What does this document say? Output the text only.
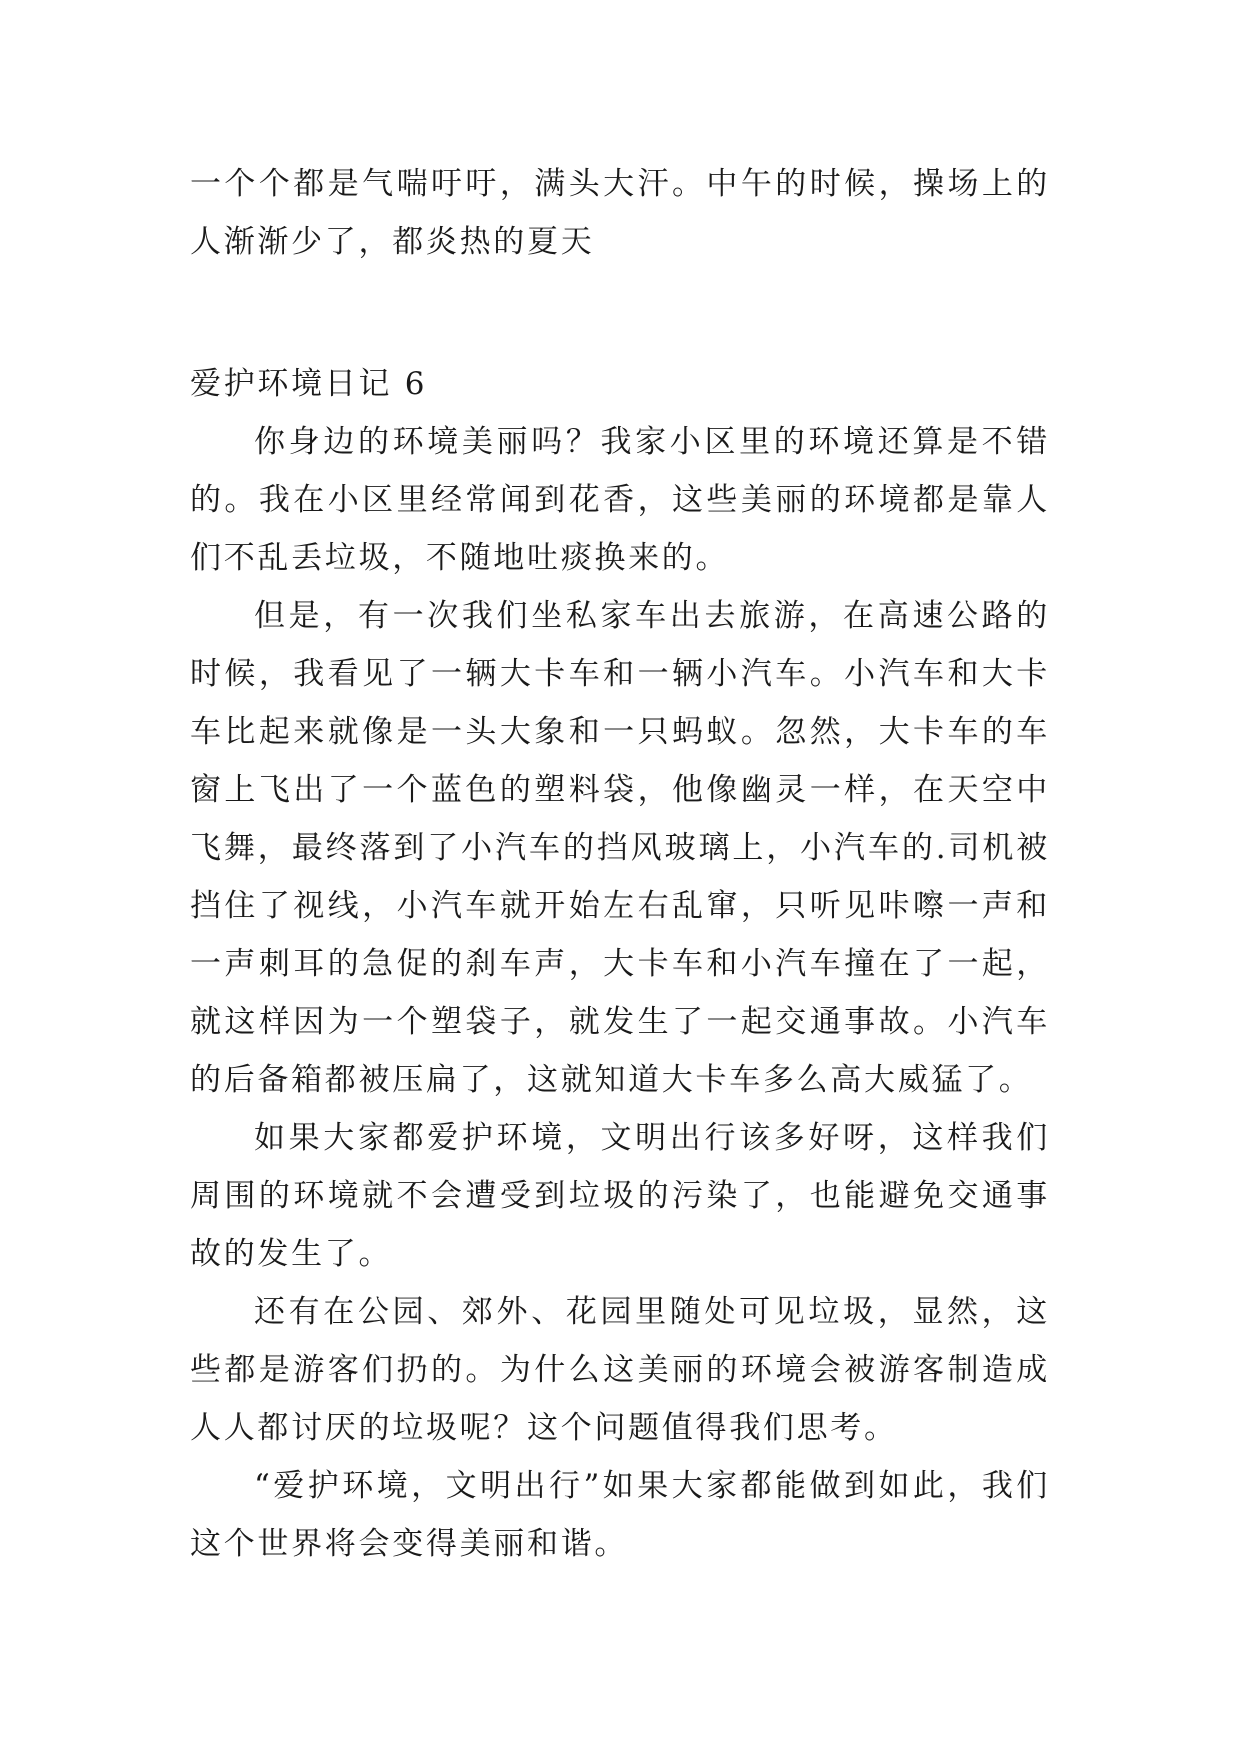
一个个都是气喘吁吁，满头大汗。中午的时候，操场上的人渐渐少了，都炎热的夏天

爱护环境日记 6

你身边的环境美丽吗？我家小区里的环境还算是不错的。我在小区里经常闻到花香，这些美丽的环境都是靠人们不乱丢垃圾，不随地吐痰换来的。

但是，有一次我们坐私家车出去旅游，在高速公路的时候，我看见了一辆大卡车和一辆小汽车。小汽车和大卡车比起来就像是一头大象和一只蚂蚁。忽然，大卡车的车窗上飞出了一个蓝色的塑料袋，他像幽灵一样，在天空中飞舞，最终落到了小汽车的挡风玻璃上，小汽车的.司机被挡住了视线，小汽车就开始左右乱窜，只听见咔嚓一声和一声刺耳的急促的刹车声，大卡车和小汽车撞在了一起，就这样因为一个塑袋子，就发生了一起交通事故。小汽车的后备箱都被压扁了，这就知道大卡车多么高大威猛了。

如果大家都爱护环境，文明出行该多好呀，这样我们周围的环境就不会遭受到垃圾的污染了，也能避免交通事故的发生了。

还有在公园、郊外、花园里随处可见垃圾，显然，这些都是游客们扔的。为什么这美丽的环境会被游客制造成人人都讨厌的垃圾呢？这个问题值得我们思考。

“爱护环境，文明出行”如果大家都能做到如此，我们这个世界将会变得美丽和谐。
